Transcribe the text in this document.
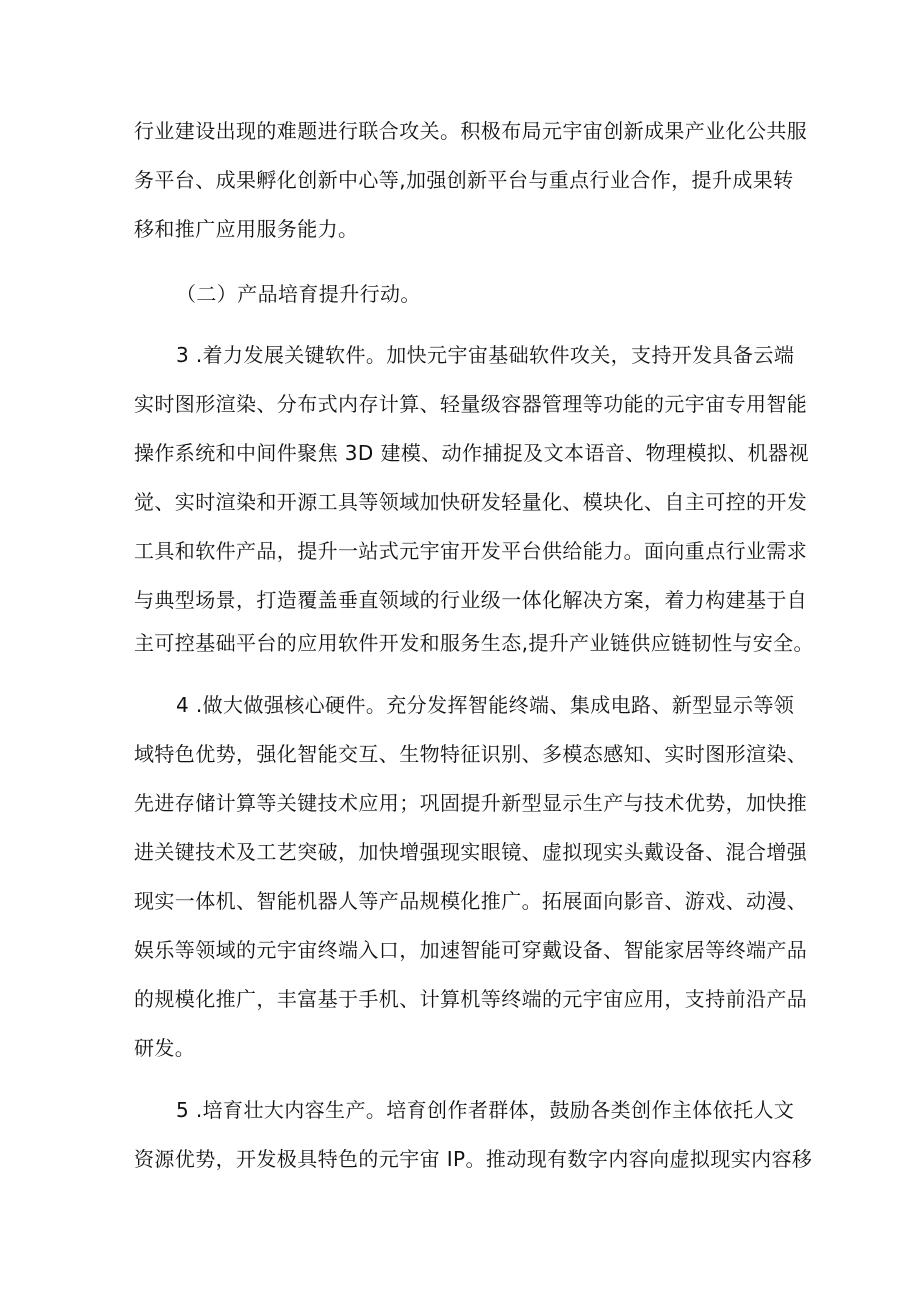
行业建设出现的难题进行联合攻关。积极布局元宇宙创新成果产业化公共服
务平台、成果孵化创新中心等,加强创新平台与重点行业合作，提升成果转
移和推广应用服务能力。
（二）产品培育提升行动。
3 .着力发展关键软件。加快元宇宙基础软件攻关，支持开发具备云端
实时图形渲染、分布式内存计算、轻量级容器管理等功能的元宇宙专用智能
操作系统和中间件聚焦 3D 建模、动作捕捉及文本语音、物理模拟、机器视
觉、实时渲染和开源工具等领域加快研发轻量化、模块化、自主可控的开发
工具和软件产品，提升一站式元宇宙开发平台供给能力。面向重点行业需求
与典型场景，打造覆盖垂直领域的行业级一体化解决方案，着力构建基于自
主可控基础平台的应用软件开发和服务生态,提升产业链供应链韧性与安全。
4 .做大做强核心硬件。充分发挥智能终端、集成电路、新型显示等领
域特色优势，强化智能交互、生物特征识别、多模态感知、实时图形渲染、
先进存储计算等关键技术应用；巩固提升新型显示生产与技术优势，加快推
进关键技术及工艺突破，加快增强现实眼镜、虚拟现实头戴设备、混合增强
现实一体机、智能机器人等产品规模化推广。拓展面向影音、游戏、动漫、
娱乐等领域的元宇宙终端入口，加速智能可穿戴设备、智能家居等终端产品
的规模化推广，丰富基于手机、计算机等终端的元宇宙应用，支持前沿产品
研发。
5 .培育壮大内容生产。培育创作者群体，鼓励各类创作主体依托人文
资源优势，开发极具特色的元宇宙 IP。推动现有数字内容向虚拟现实内容移
